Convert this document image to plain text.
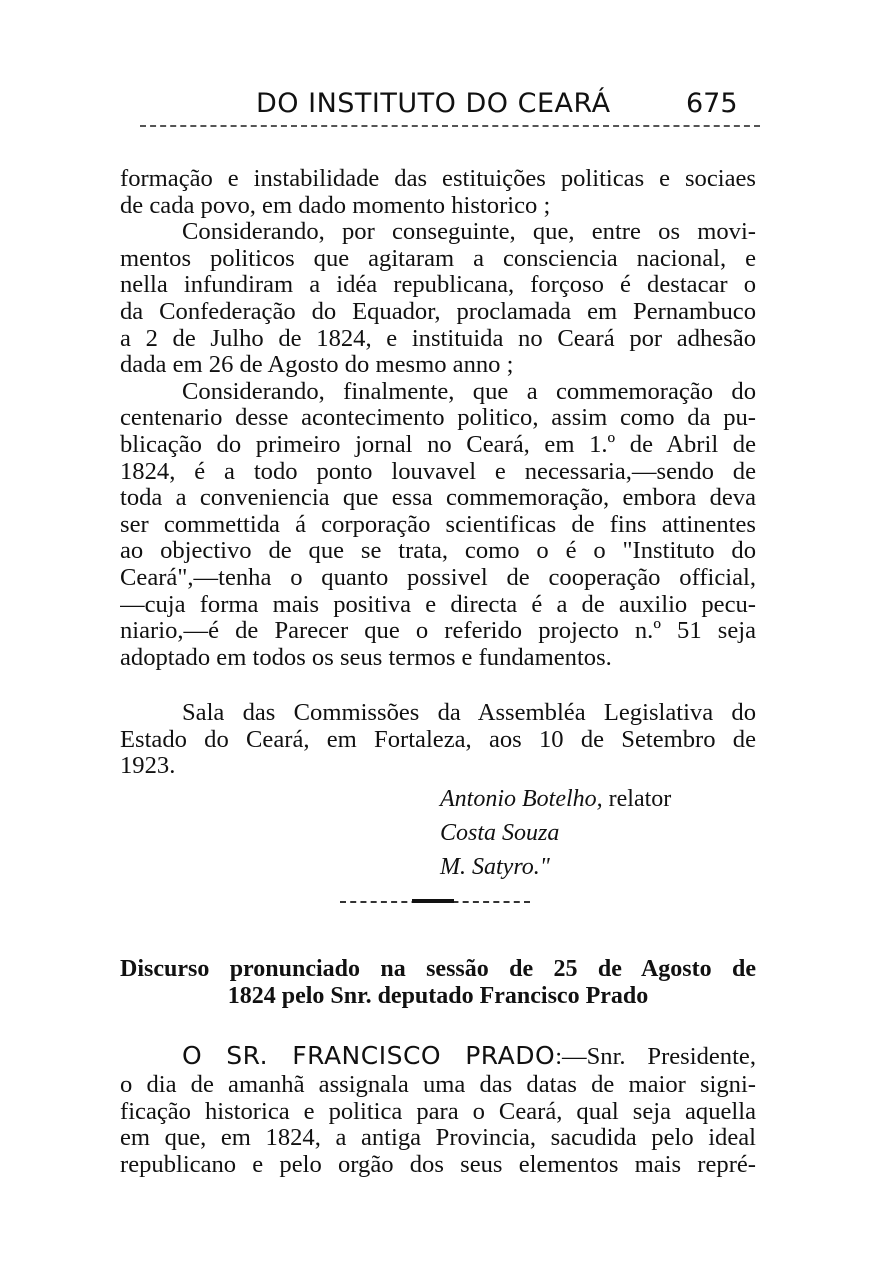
DO INSTITUTO DO CEARÁ	675
formação e instabilidade das estituições politicas e sociaes
de cada povo, em dado momento historico ;
Considerando, por conseguinte, que, entre os movi-
mentos politicos que agitaram a consciencia nacional, e
nella infundiram a idéa republicana, forçoso é destacar o
da Confederação do Equador, proclamada em Pernambuco
a 2 de Julho de 1824, e instituida no Ceará por adhesão
dada em 26 de Agosto do mesmo anno ;
Considerando, finalmente, que a commemoração do
centenario desse acontecimento politico, assim como da pu-
blicação do primeiro jornal no Ceará, em 1.º de Abril de
1824, é a todo ponto louvavel e necessaria,—sendo de
toda a conveniencia que essa commemoração, embora deva
ser commettida á corporação scientificas de fins attinentes
ao objectivo de que se trata, como o é o "Instituto do
Ceará",—tenha o quanto possivel de cooperação official,
—cuja forma mais positiva e directa é a de auxilio pecu-
niario,—é de Parecer que o referido projecto n.º 51 seja
adoptado em todos os seus termos e fundamentos.
Sala das Commissões da Assembléa Legislativa do
Estado do Ceará, em Fortaleza, aos 10 de Setembro de
1923.
Antonio Botelho, relator
Costa Souza
M. Satyro."
Discurso pronunciado na sessão de 25 de Agosto de
1824 pelo Snr. deputado Francisco Prado
O SR. FRANCISCO PRADO:—Snr. Presidente,
o dia de amanhã assignala uma das datas de maior signi-
ficação historica e politica para o Ceará, qual seja aquella
em que, em 1824, a antiga Provincia, sacudida pelo ideal
republicano e pelo orgão dos seus elementos mais repré-
